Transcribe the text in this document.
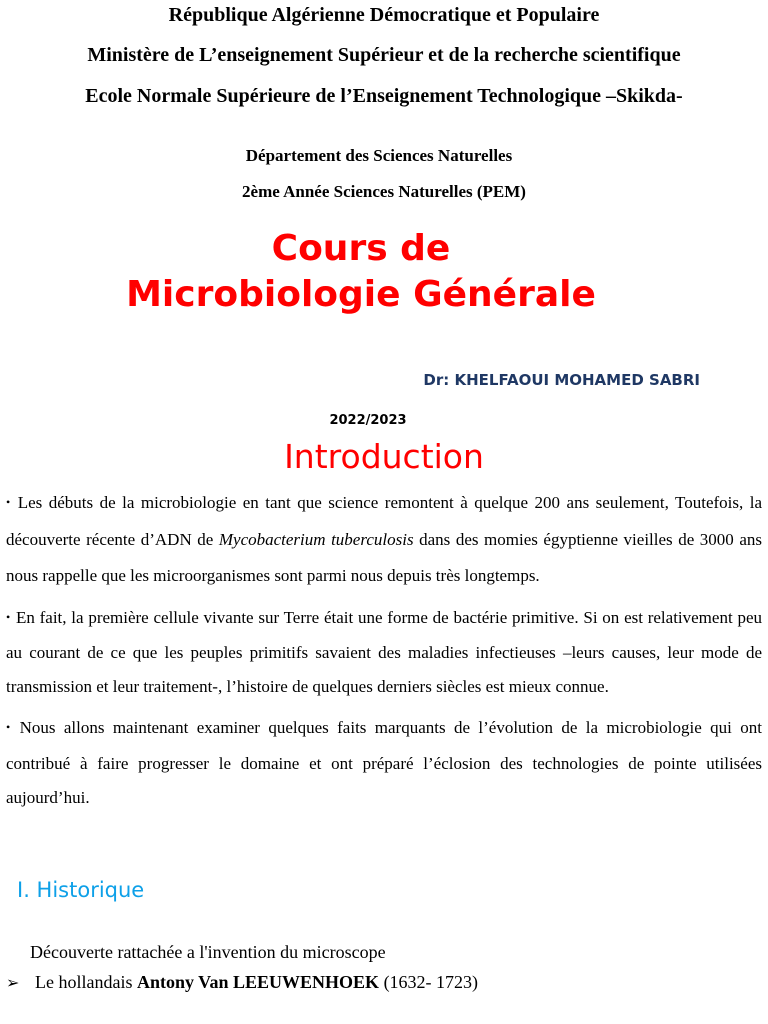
République Algérienne Démocratique et Populaire
Ministère de L’enseignement Supérieur et de la recherche scientifique
Ecole Normale Supérieure de l’Enseignement Technologique –Skikda-
Département des Sciences Naturelles
2ème Année Sciences Naturelles (PEM)
Cours de
Microbiologie Générale
Dr: KHELFAOUI MOHAMED SABRI
2022/2023
Introduction

• Les débuts de la microbiologie en tant que science remontent à quelque 200 ans seulement, Toutefois, la découverte récente d’ADN de Mycobacterium tuberculosis dans des momies égyptienne vieilles de 3000 ans nous rappelle que les microorganismes sont parmi nous depuis très longtemps.

• En fait, la première cellule vivante sur Terre était une forme de bactérie primitive. Si on est relativement peu au courant de ce que les peuples primitifs savaient des maladies infectieuses –leurs causes, leur mode de transmission et leur traitement-, l’histoire de quelques derniers siècles est mieux connue.

• Nous allons maintenant examiner quelques faits marquants de l’évolution de la microbiologie qui ont contribué à faire progresser le domaine et ont préparé l’éclosion des technologies de pointe utilisées aujourd’hui.

I. Historique
Découverte rattachée a l'invention du microscope
➢ Le hollandais Antony Van LEEUWENHOEK (1632- 1723)
